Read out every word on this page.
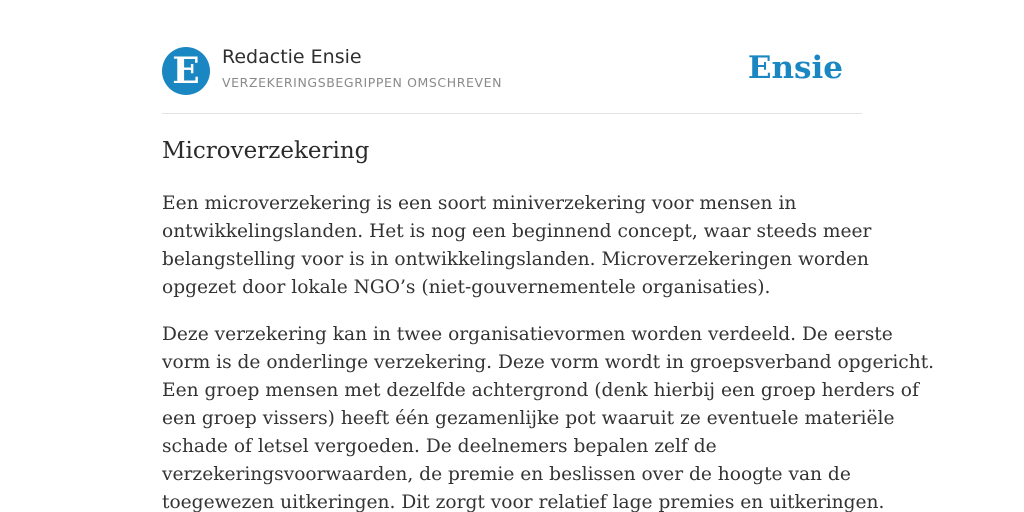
E	Redactie Ensie
VERZEKERINGSBEGRIPPEN OMSCHREVEN	Ensie
Microverzekering

Een microverzekering is een soort miniverzekering voor mensen in
ontwikkelingslanden. Het is nog een beginnend concept, waar steeds meer
belangstelling voor is in ontwikkelingslanden. Microverzekeringen worden
opgezet door lokale NGO’s (niet-gouvernementele organisaties).

Deze verzekering kan in twee organisatievormen worden verdeeld. De eerste
vorm is de onderlinge verzekering. Deze vorm wordt in groepsverband opgericht.
Een groep mensen met dezelfde achtergrond (denk hierbij een groep herders of
een groep vissers) heeft één gezamenlijke pot waaruit ze eventuele materiële
schade of letsel vergoeden. De deelnemers bepalen zelf de
verzekeringsvoorwaarden, de premie en beslissen over de hoogte van de
toegewezen uitkeringen. Dit zorgt voor relatief lage premies en uitkeringen.
